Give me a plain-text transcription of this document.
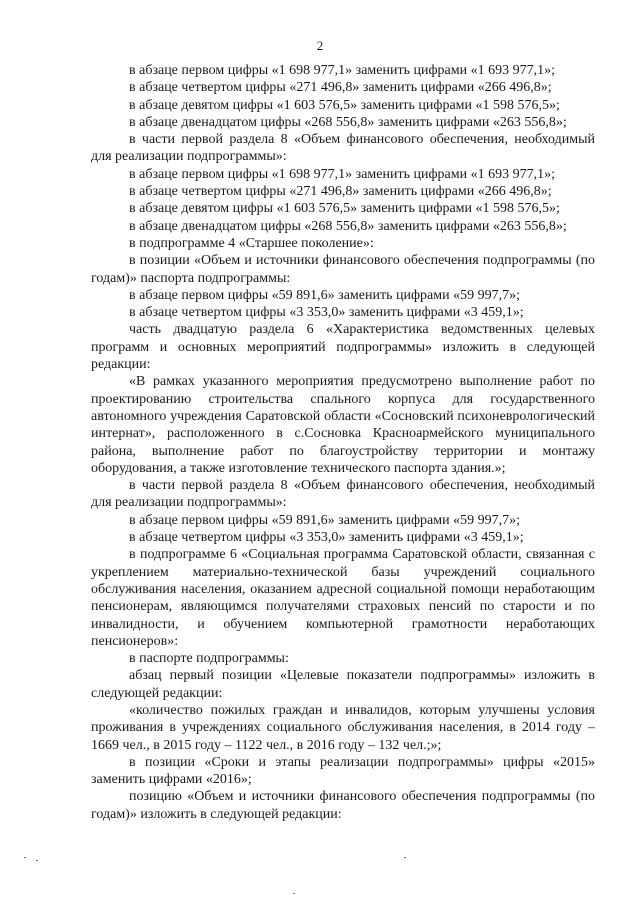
2

в абзаце первом цифры «1 698 977,1» заменить цифрами «1 693 977,1»;

в абзаце четвертом цифры «271 496,8» заменить цифрами «266 496,8»;

в абзаце девятом цифры «1 603 576,5» заменить цифрами «1 598 576,5»;

в абзаце двенадцатом цифры «268 556,8» заменить цифрами «263 556,8»;

в части первой раздела 8 «Объем финансового обеспечения, необходимый для реализации подпрограммы»:

в абзаце первом цифры «1 698 977,1» заменить цифрами «1 693 977,1»;

в абзаце четвертом цифры «271 496,8» заменить цифрами «266 496,8»;

в абзаце девятом цифры «1 603 576,5» заменить цифрами «1 598 576,5»;

в абзаце двенадцатом цифры «268 556,8» заменить цифрами «263 556,8»;

в подпрограмме 4 «Старшее поколение»:

в позиции «Объем и источники финансового обеспечения подпрограммы (по годам)» паспорта подпрограммы:

в абзаце первом цифры «59 891,6» заменить цифрами «59 997,7»;

в абзаце четвертом цифры «3 353,0» заменить цифрами «3 459,1»;

часть двадцатую раздела 6 «Характеристика ведомственных целевых программ и основных мероприятий подпрограммы» изложить в следующей редакции:

«В рамках указанного мероприятия предусмотрено выполнение работ по проектированию строительства спального корпуса для государственного автономного учреждения Саратовской области «Сосновский психоневрологический интернат», расположенного в с.Сосновка Красноармейского муниципального района, выполнение работ по благоустройству территории и монтажу оборудования, а также изготовление технического паспорта здания.»;

в части первой раздела 8 «Объем финансового обеспечения, необходимый для реализации подпрограммы»:

в абзаце первом цифры «59 891,6» заменить цифрами «59 997,7»;

в абзаце четвертом цифры «3 353,0» заменить цифрами «3 459,1»;

в подпрограмме 6 «Социальная программа Саратовской области, связанная с укреплением материально-технической базы учреждений социального обслуживания населения, оказанием адресной социальной помощи неработающим пенсионерам, являющимся получателями страховых пенсий по старости и по инвалидности, и обучением компьютерной грамотности неработающих пенсионеров»:

в паспорте подпрограммы:

абзац первый позиции «Целевые показатели подпрограммы» изложить в следующей редакции:

«количество пожилых граждан и инвалидов, которым улучшены условия проживания в учреждениях социального обслуживания населения, в 2014 году – 1669 чел., в 2015 году – 1122 чел., в 2016 году – 132 чел.;»;

в позиции «Сроки и этапы реализации подпрограммы» цифры «2015» заменить цифрами «2016»;

позицию «Объем и источники финансового обеспечения подпрограммы (по годам)» изложить в следующей редакции:
